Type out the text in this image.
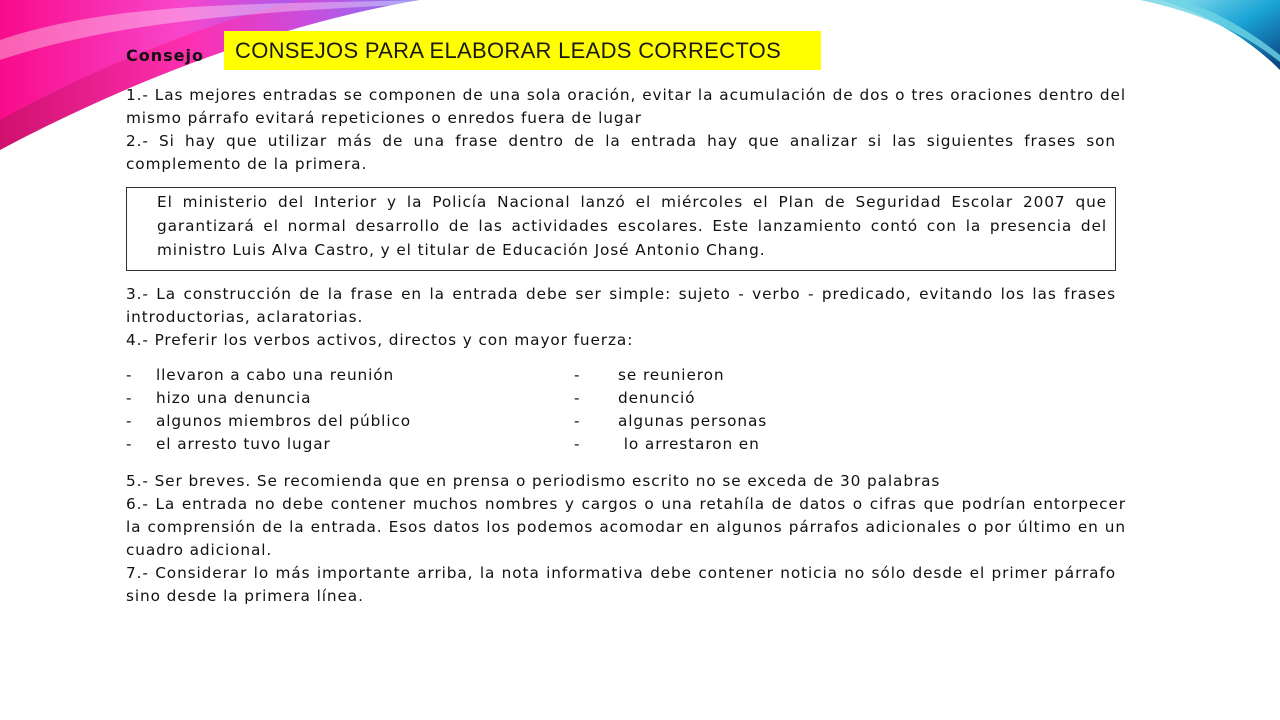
Consejo	CONSEJOS PARA ELABORAR LEADS CORRECTOS

1.- Las mejores entradas se componen de una sola oración, evitar la acumulación de dos o tres oraciones dentro del mismo párrafo evitará repeticiones o enredos fuera de lugar

2.- Si hay que utilizar más de una frase dentro de la entrada hay que analizar si las siguientes frases son complemento de la primera.

El ministerio del Interior y la Policía Nacional lanzó el miércoles el Plan de Seguridad Escolar 2007 que garantizará el normal desarrollo de las actividades escolares. Este lanzamiento contó con la presencia del ministro Luis Alva Castro, y el titular de Educación José Antonio Chang.

3.- La construcción de la frase en la entrada debe ser simple: sujeto - verbo - predicado, evitando los las frases introductorias, aclaratorias.

4.- Preferir los verbos activos, directos y con mayor fuerza:

-	llevaron a cabo una reunión	-	se reunieron
-	hizo una denuncia	-	denunció
-	algunos miembros del público	-	algunas personas
-	el arresto tuvo lugar	-	lo arrestaron en

5.- Ser breves. Se recomienda que en prensa o periodismo escrito no se exceda de 30 palabras

6.- La entrada no debe contener muchos nombres y cargos o una retahíla de datos o cifras que podrían entorpecer la comprensión de la entrada. Esos datos los podemos acomodar en algunos párrafos adicionales o por último en un cuadro adicional.

7.- Considerar lo más importante arriba, la nota informativa debe contener noticia no sólo desde el primer párrafo sino desde la primera línea.
